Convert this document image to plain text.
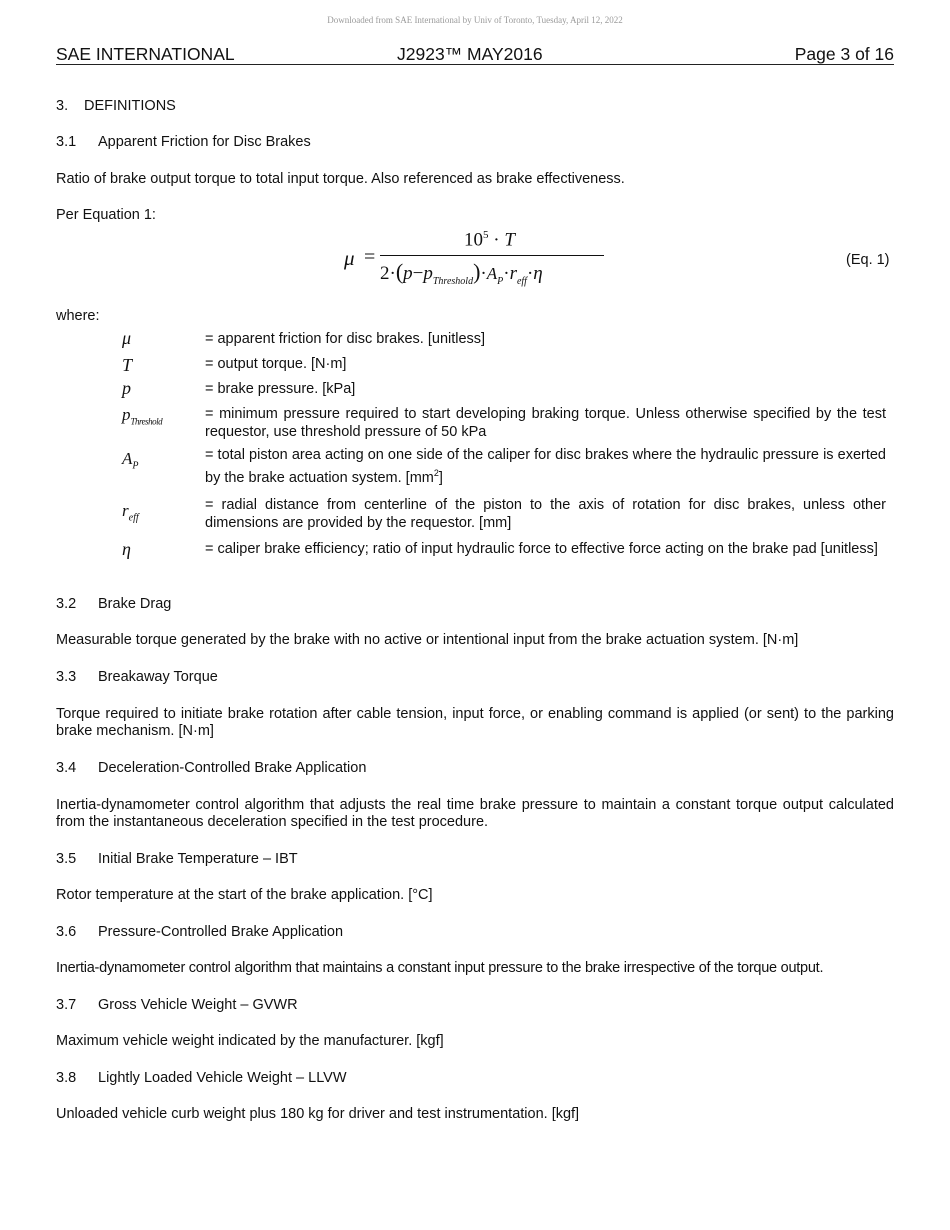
Downloaded from SAE International by Univ of Toronto, Tuesday, April 12, 2022
SAE INTERNATIONAL	J2923™ MAY2016	Page 3 of 16
3. DEFINITIONS
3.1 Apparent Friction for Disc Brakes
Ratio of brake output torque to total input torque. Also referenced as brake effectiveness.
Per Equation 1:
μ =
$10^5 \cdot T$
$2\cdot(p-p_{Threshold})\cdot A_P\cdot r_{eff}\cdot\eta$
(Eq. 1)
where:
μ	= apparent friction for disc brakes. [unitless]
T	= output torque. [N·m]
p	= brake pressure. [kPa]
$p_{Threshold}$	= minimum pressure required to start developing braking torque. Unless otherwise specified by the test requestor, use threshold pressure of 50 kPa
$A_P$
= total piston area acting on one side of the caliper for disc brakes where the hydraulic pressure is exerted by the brake actuation system. $[mm^2]$
$r_{eff}$
= radial distance from centerline of the piston to the axis of rotation for disc brakes, unless other dimensions are provided by the requestor. [mm]
η	= caliper brake efficiency; ratio of input hydraulic force to effective force acting on the brake pad [unitless]
3.2 Brake Drag
Measurable torque generated by the brake with no active or intentional input from the brake actuation system. [N·m]
3.3 Breakaway Torque
Torque required to initiate brake rotation after cable tension, input force, or enabling command is applied (or sent) to the parking brake mechanism. [N·m]
3.4 Deceleration-Controlled Brake Application
Inertia-dynamometer control algorithm that adjusts the real time brake pressure to maintain a constant torque output calculated from the instantaneous deceleration specified in the test procedure.
3.5 Initial Brake Temperature – IBT
Rotor temperature at the start of the brake application. [°C]
3.6 Pressure-Controlled Brake Application
Inertia-dynamometer control algorithm that maintains a constant input pressure to the brake irrespective of the torque output.
3.7 Gross Vehicle Weight – GVWR
Maximum vehicle weight indicated by the manufacturer. [kgf]
3.8 Lightly Loaded Vehicle Weight – LLVW
Unloaded vehicle curb weight plus 180 kg for driver and test instrumentation. [kgf]
